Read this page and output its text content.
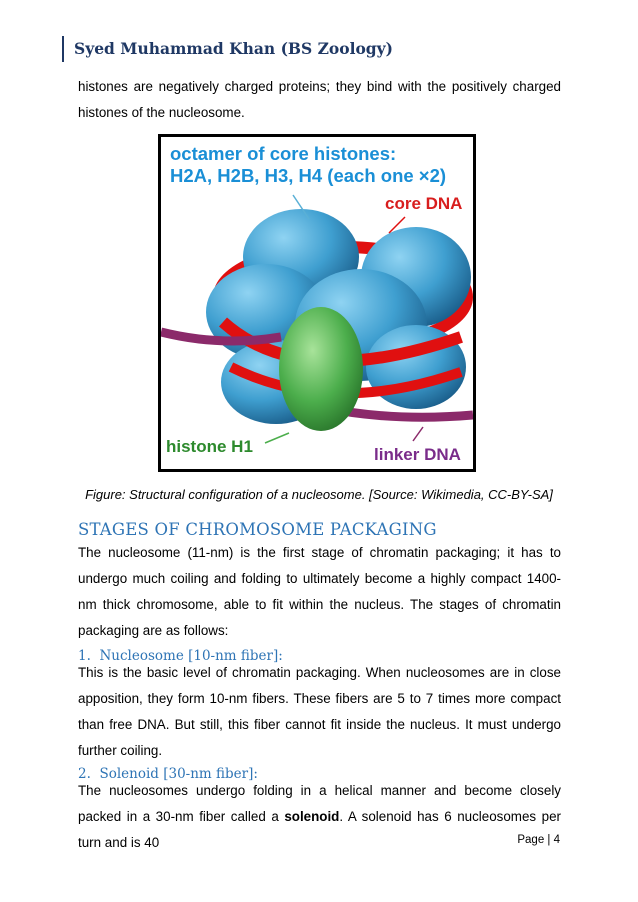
Syed Muhammad Khan (BS Zoology)
histones are negatively charged proteins; they bind with the positively charged histones of the nucleosome.
octamer of core histones:
H2A, H2B, H3, H4 (each one ×2)
core DNA
histone H1	linker DNA
Figure: Structural configuration of a nucleosome. [Source: Wikimedia, CC-BY-SA]
STAGES OF CHROMOSOME PACKAGING
The nucleosome (11-nm) is the first stage of chromatin packaging; it has to undergo much coiling and folding to ultimately become a highly compact 1400-nm thick chromosome, able to fit within the nucleus. The stages of chromatin packaging are as follows:
1.  Nucleosome [10-nm fiber]:
This is the basic level of chromatin packaging. When nucleosomes are in close apposition, they form 10-nm fibers. These fibers are 5 to 7 times more compact than free DNA. But still, this fiber cannot fit inside the nucleus. It must undergo further coiling.
2.  Solenoid [30-nm fiber]:
The nucleosomes undergo folding in a helical manner and become closely packed in a 30-nm fiber called a solenoid. A solenoid has 6 nucleosomes per turn and is 40	Page | 4
